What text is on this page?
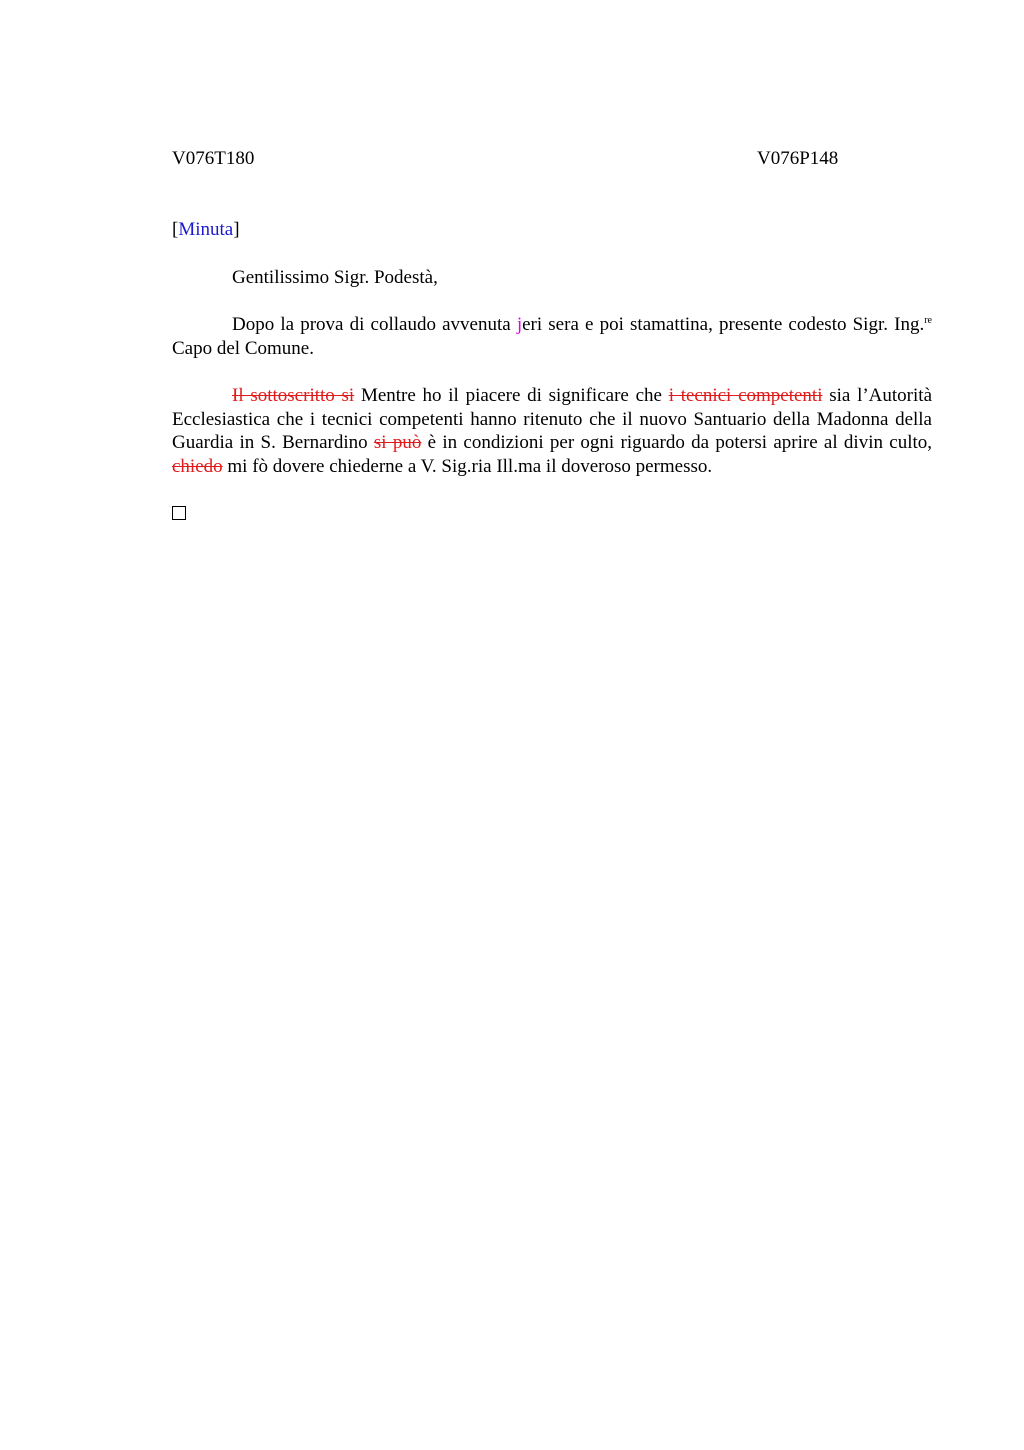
V076T180	V076P148
[Minuta]
Gentilissimo Sigr. Podestà,
Dopo la prova di collaudo avvenuta jeri sera e poi stamattina, presente codesto Sigr. Ing.$^{re}$ Capo del Comune.
Il sottoscritto si Mentre ho il piacere di significare che i tecnici competenti sia l’Autorità Ecclesiastica che i tecnici competenti hanno ritenuto che il nuovo Santuario della Madonna della Guardia in S. Bernardino si può è in condizioni per ogni riguardo da potersi aprire al divin culto, chiedo mi fò dovere chiederne a V. Sig.ria Ill.ma il doveroso permesso.
